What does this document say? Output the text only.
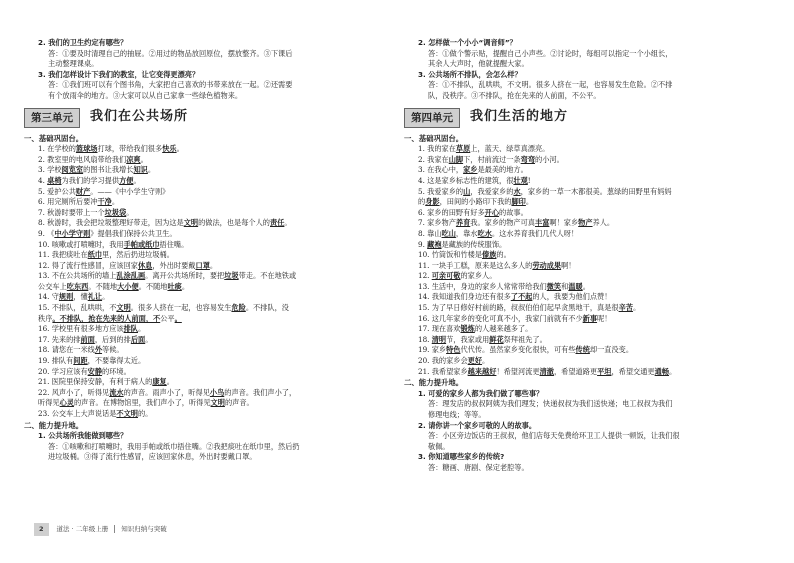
2. 我们的卫生约定有哪些？
答：①要及时清理自己的抽屉。②用过的物品放回原位，摆放整齐。③下课后
主动整理课桌。
3. 我们怎样设计下我们的教室，让它变得更漂亮？
答：①我们班可以有个图书角，大家把自己喜欢的书带来放在一起。②还需要
有个放雨伞的地方。③大家可以从自己家拿一些绿色植物来。
第三单元	我们在公共场所
一、基础巩固台。
1. 在学校的篮球场打球，带给我们很多快乐。
2. 教室里的电风扇带给我们凉爽。
3. 学校阅览室的图书让我增长知识。
4. 桌椅为我们的学习提供方便。
5. 爱护公共财产。——《中小学生守则》
6. 用完厕所后要冲干净。
7. 秋游时要带上一个垃圾袋。
8. 秋游时，我会把垃圾整理好带走，因为这是文明的做法，也是每个人的责任。
9. 《中小学守则》提倡我们保持公共卫生。
10. 咳嗽或打喷嚏时，我用手帕或纸巾捂住嘴。
11. 我把痰吐在纸巾里，然后扔进垃圾桶。
12. 得了流行性感冒，应该回家休息，外出时要戴口罩。
13. 不在公共场所的墙上乱涂乱画。离开公共场所时，要把垃圾带走。不在地铁或
公交车上吃东西。不随地大小便。不随地吐痰。
14. 守规则，懂礼让。
15. 不排队，乱哄哄，不文明。很多人挤在一起，也容易发生危险。不排队，没
秩序。不排队，抢在先来的人前面，不公平。
16. 学校里有很多地方应该排队。
17. 先来的排前面，后到的排后面。
18. 请您在一米线外等候。
19. 排队有间距，不要靠得太近。
20. 学习应该有安静的环境。
21. 医院里保持安静，有利于病人的康复。
22. 风声小了，听得见流水的声音。雨声小了，听得见小鸟的声音。我们声小了，
听得见心灵的声音。在博物馆里，我们声小了，听得见文明的声音。
23. 公交车上大声说话是不文明的。
二、能力提升地。
1. 公共场所我能做到哪些？
答：①咳嗽和打喷嚏时，我用手帕或纸巾捂住嘴。②我把痰吐在纸巾里，然后扔
进垃圾桶。③得了流行性感冒，应该回家休息，外出时要戴口罩。
2. 怎样做一个小小“调音师”？
答：①做个警示贴，提醒自己小声些。②讨论时，每组可以指定一个小组长，
其余人大声时，他就提醒大家。
3. 公共场所不排队，会怎么样？
答：①不排队，乱哄哄，不文明。很多人挤在一起，也容易发生危险。②不排
队，没秩序。③不排队，抢在先来的人前面，不公平。
第四单元	我们生活的地方
一、基础巩固台。
1. 我的家在草原上，蓝天、绿草真漂亮。
2. 我家在山脚下，村前流过一条弯弯的小河。
3. 在我心中，家乡是最美的地方。
4. 这是家乡标志性的建筑，很壮观!
5. 我爱家乡的山，我爱家乡的水，家乡的一草一木都很美。葱绿的田野里有妈妈
的身影，田间的小路印下我的脚印。
6. 家乡的田野有好多开心的故事。
7. 家乡物产养育我。家乡的物产可真丰富啊！家乡物产养人。
8. 靠山吃山，靠水吃水。这水养育我们几代人呀！
9. 藏袍是藏族的传统服饰。
10. 竹筒饭和竹楼是傣族的。
11. 一块手工糕，原来是这么多人的劳动成果啊！
12. 可亲可敬的家乡人。
13. 生活中，身边的家乡人常常带给我们微笑和温暖。
14. 我知道我们身边还有很多了不起的人，我要为他们点赞！
15. 为了早日修好村前的路，叔叔伯伯们起早贪黑地干，真是很辛苦。
16. 这几年家乡的变化可真不小，我家门前就有不少新事呢！
17. 现在喜欢锻炼的人越来越多了。
18. 清明节，我家或用鲜花祭拜祖先了。
19. 家乡特色代代传。虽然家乡变化很快，可有些传统却一直没变。
20. 我的家乡会更好。
21. 我希望家乡越来越好！希望河流更清澈，希望道路更平坦，希望交通更通畅。
二、能力提升地。
1. 可爱的家乡人都为我们做了哪些事？
答：理发店的叔叔阿姨为我们理发；快递叔叔为我们送快递；电工叔叔为我们
修理电线；等等。
2. 请你讲一个家乡可敬的人的故事。
答：小区旁边饭店的王叔叔，他们店每天免费给环卫工人提供一顿饭，让我们很
敬佩。
3. 你知道哪些家乡的传统?
答：糖画、唐剧、保定老腔等。
2	道法 · 二年级上册 知识归纳与突破
